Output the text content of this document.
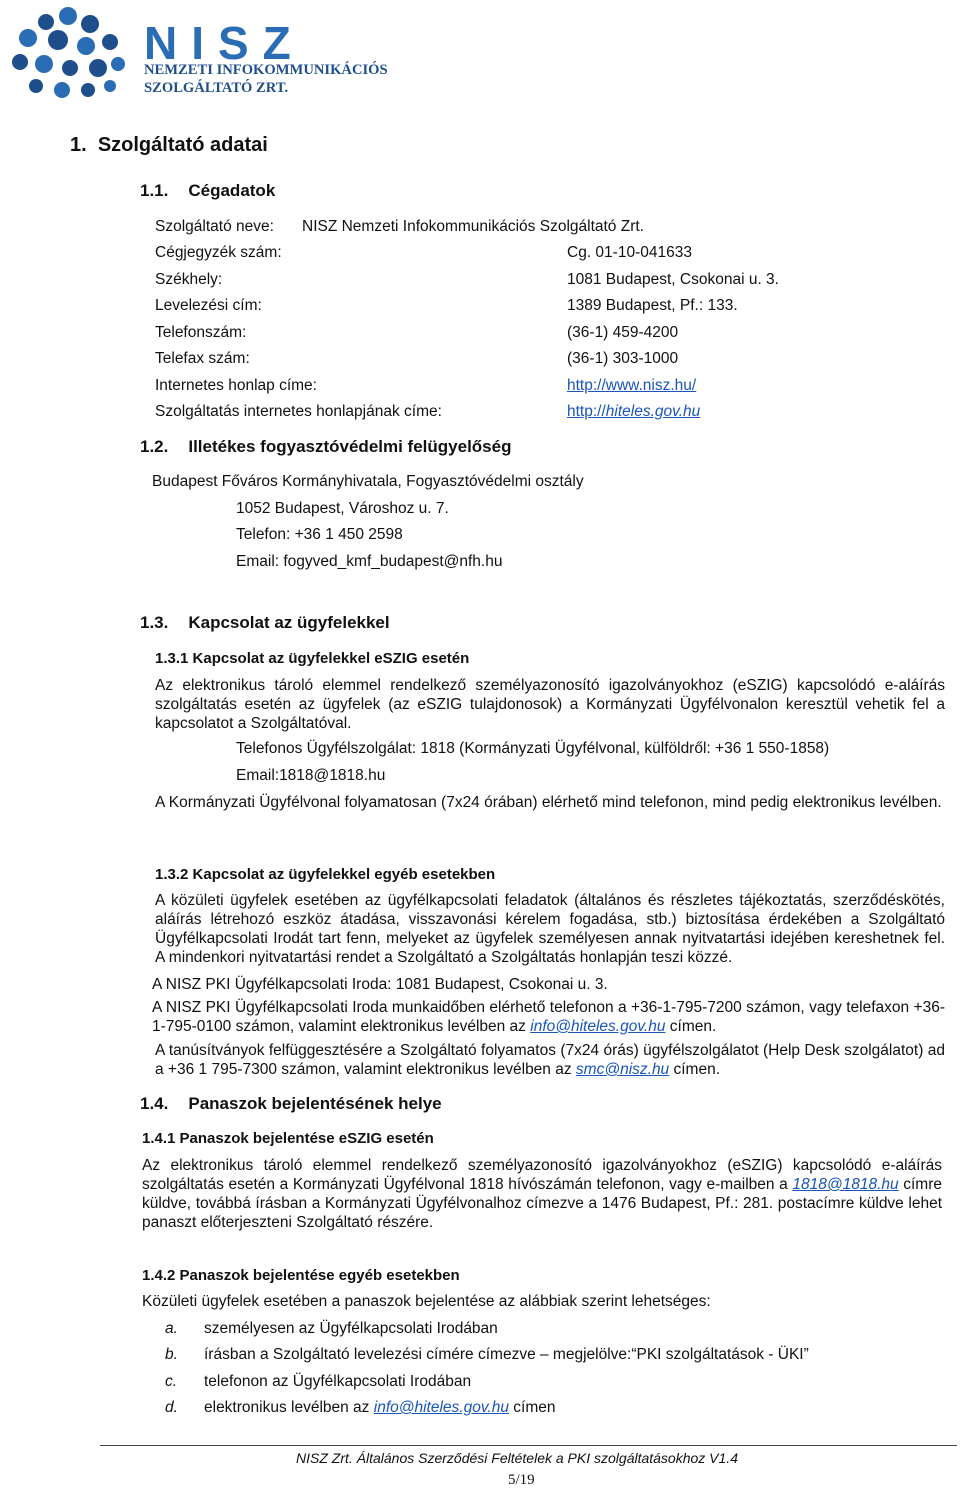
NISZ
NEMZETI INFOKOMMUNIKÁCIÓS
SZOLGÁLTATÓ ZRT.
1. Szolgáltató adatai
1.1. Cégadatok
Szolgáltató neve: NISZ Nemzeti Infokommunikációs Szolgáltató Zrt.
Cégjegyzék szám:	Cg. 01-10-041633
Székhely:	1081 Budapest, Csokonai u. 3.
Levelezési cím:	1389 Budapest, Pf.: 133.
Telefonszám:	(36-1) 459-4200
Telefax szám:	(36-1) 303-1000
Internetes honlap címe:	http://www.nisz.hu/
Szolgáltatás internetes honlapjának címe:	http://hiteles.gov.hu
1.2. Illetékes fogyasztóvédelmi felügyelőség
Budapest Főváros Kormányhivatala, Fogyasztóvédelmi osztály
1052 Budapest, Városhoz u. 7.
Telefon: +36 1 450 2598
Email: fogyved_kmf_budapest@nfh.hu
1.3. Kapcsolat az ügyfelekkel
1.3.1 Kapcsolat az ügyfelekkel eSZIG esetén
Az elektronikus tároló elemmel rendelkező személyazonosító igazolványokhoz (eSZIG) kapcsolódó e-aláírás szolgáltatás esetén az ügyfelek (az eSZIG tulajdonosok) a Kormányzati Ügyfélvonalon keresztül vehetik fel a kapcsolatot a Szolgáltatóval.
Telefonos Ügyfélszolgálat: 1818 (Kormányzati Ügyfélvonal, külföldről: +36 1 550-1858)
Email:1818@1818.hu
A Kormányzati Ügyfélvonal folyamatosan (7x24 órában) elérhető mind telefonon, mind pedig elektronikus levélben.
1.3.2 Kapcsolat az ügyfelekkel egyéb esetekben
A közületi ügyfelek esetében az ügyfélkapcsolati feladatok (általános és részletes tájékoztatás, szerződéskötés, aláírás létrehozó eszköz átadása, visszavonási kérelem fogadása, stb.) biztosítása érdekében a Szolgáltató Ügyfélkapcsolati Irodát tart fenn, melyeket az ügyfelek személyesen annak nyitvatartási idejében kereshetnek fel. A mindenkori nyitvatartási rendet a Szolgáltató a Szolgáltatás honlapján teszi közzé.
A NISZ PKI Ügyfélkapcsolati Iroda: 1081 Budapest, Csokonai u. 3.
A NISZ PKI Ügyfélkapcsolati Iroda munkaidőben elérhető telefonon a +36-1-795-7200 számon, vagy telefaxon +36-1-795-0100 számon, valamint elektronikus levélben az info@hiteles.gov.hu címen.
A tanúsítványok felfüggesztésére a Szolgáltató folyamatos (7x24 órás) ügyfélszolgálatot (Help Desk szolgálatot) ad a +36 1 795-7300 számon, valamint elektronikus levélben az smc@nisz.hu címen.
1.4. Panaszok bejelentésének helye
1.4.1 Panaszok bejelentése eSZIG esetén
Az elektronikus tároló elemmel rendelkező személyazonosító igazolványokhoz (eSZIG) kapcsolódó e-aláírás szolgáltatás esetén a Kormányzati Ügyfélvonal 1818 hívószámán telefonon, vagy e-mailben a 1818@1818.hu címre küldve, továbbá írásban a Kormányzati Ügyfélvonalhoz címezve a 1476 Budapest, Pf.: 281. postacímre küldve lehet panaszt előterjeszteni Szolgáltató részére.
1.4.2 Panaszok bejelentése egyéb esetekben
Közületi ügyfelek esetében a panaszok bejelentése az alábbiak szerint lehetséges:
a. személyesen az Ügyfélkapcsolati Irodában
b. írásban a Szolgáltató levelezési címére címezve – megjelölve:“PKI szolgáltatások - ÜKI”
c. telefonon az Ügyfélkapcsolati Irodában
d. elektronikus levélben az info@hiteles.gov.hu címen
NISZ Zrt. Általános Szerződési Feltételek a PKI szolgáltatásokhoz V1.4
5/19
